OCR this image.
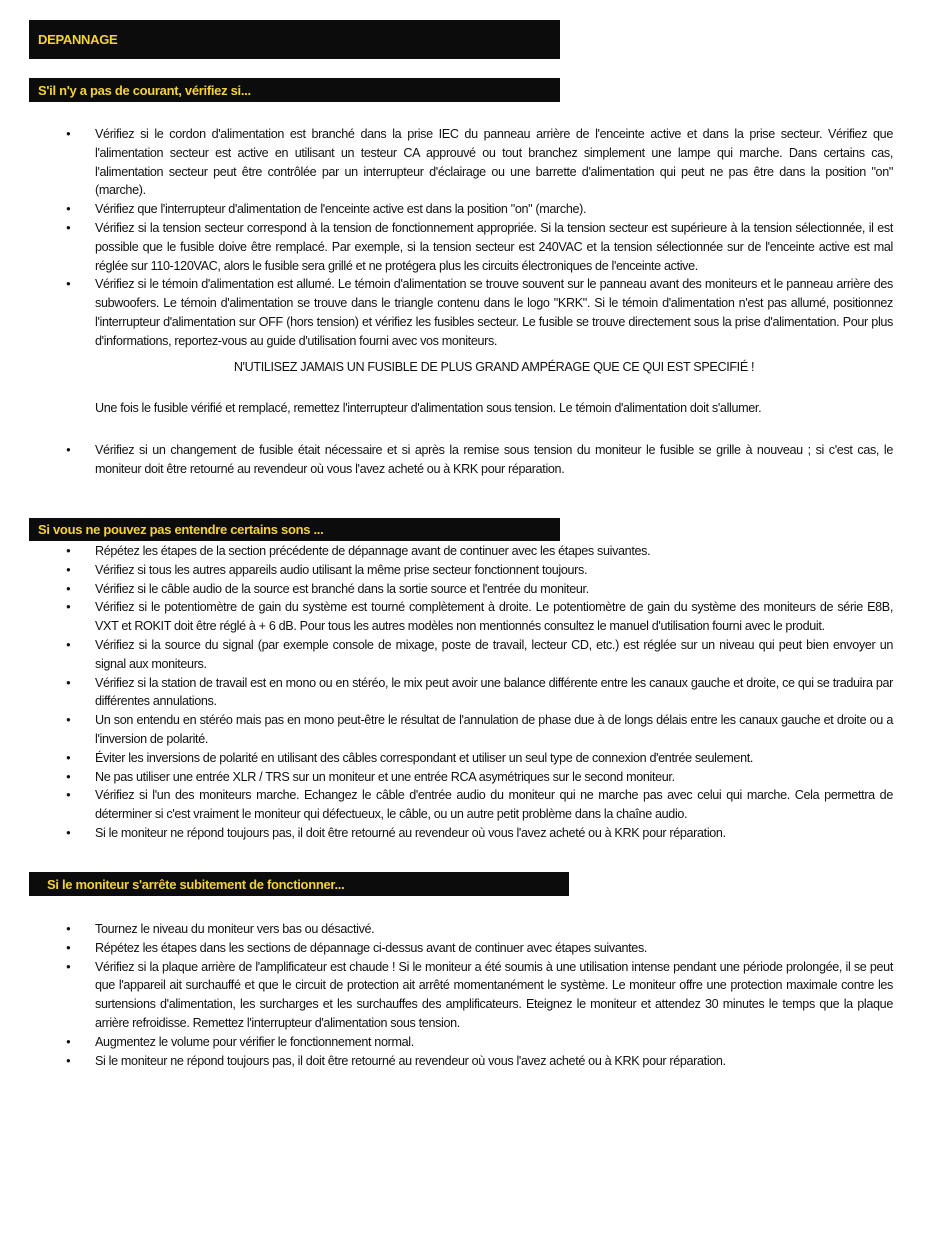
DEPANNAGE
S'il n'y a pas de courant, vérifiez si...
● Vérifiez si le cordon d'alimentation est branché dans la prise IEC du panneau arrière de l'enceinte active et dans la prise secteur. Vérifiez que l'alimentation secteur est active en utilisant un testeur CA approuvé ou tout branchez simplement une lampe qui marche. Dans certains cas, l'alimentation secteur peut être contrôlée par un interrupteur d'éclairage ou une barrette d'alimentation qui peut ne pas être dans la position "on" (marche).
● Vérifiez que l'interrupteur d'alimentation de l'enceinte active est dans la position "on" (marche).
● Vérifiez si la tension secteur correspond à la tension de fonctionnement appropriée. Si la tension secteur est supérieure à la tension sélectionnée, il est possible que le fusible doive être remplacé. Par exemple, si la tension secteur est 240VAC et la tension sélectionnée sur de l'enceinte active est mal réglée sur 110-120VAC, alors le fusible sera grillé et ne protégera plus les circuits électroniques de l'enceinte active.
● Vérifiez si le témoin d'alimentation est allumé. Le témoin d'alimentation se trouve souvent sur le panneau avant des moniteurs et le panneau arrière des subwoofers. Le témoin d'alimentation se trouve dans le triangle contenu dans le logo "KRK". Si le témoin d'alimentation n'est pas allumé, positionnez l'interrupteur d'alimentation sur OFF (hors tension) et vérifiez les fusibles secteur. Le fusible se trouve directement sous la prise d'alimentation. Pour plus d'informations, reportez-vous au guide d'utilisation fourni avec vos moniteurs.
N'UTILISEZ JAMAIS UN FUSIBLE DE PLUS GRAND AMPÉRAGE QUE CE QUI EST SPECIFIÉ !
Une fois le fusible vérifié et remplacé, remettez l'interrupteur d'alimentation sous tension. Le témoin d'alimentation doit s'allumer.
● Vérifiez si un changement de fusible était nécessaire et si après la remise sous tension du moniteur le fusible se grille à nouveau ; si c'est cas, le moniteur doit être retourné au revendeur où vous l'avez acheté ou à KRK pour réparation.
Si vous ne pouvez pas entendre certains sons ...
● Répétez les étapes de la section précédente de dépannage avant de continuer avec les étapes suivantes.
● Vérifiez si tous les autres appareils audio utilisant la même prise secteur fonctionnent toujours.
● Vérifiez si le câble audio de la source est branché dans la sortie source et l'entrée du moniteur.
● Vérifiez si le potentiomètre de gain du système est tourné complètement à droite. Le potentiomètre de gain du système des moniteurs de série E8B, VXT et ROKIT doit être réglé à + 6 dB. Pour tous les autres modèles non mentionnés consultez le manuel d'utilisation fourni avec le produit.
● Vérifiez si la source du signal (par exemple console de mixage, poste de travail, lecteur CD, etc.) est réglée sur un niveau qui peut bien envoyer un signal aux moniteurs.
● Vérifiez si la station de travail est en mono ou en stéréo, le mix peut avoir une balance différente entre les canaux gauche et droite, ce qui se traduira par différentes annulations.
● Un son entendu en stéréo mais pas en mono peut-être le résultat de l'annulation de phase due à de longs délais entre les canaux gauche et droite ou a l'inversion de polarité.
● Éviter les inversions de polarité en utilisant des câbles correspondant et utiliser un seul type de connexion d'entrée seulement.
● Ne pas utiliser une entrée XLR / TRS sur un moniteur et une entrée RCA asymétriques sur le second moniteur.
● Vérifiez si l'un des moniteurs marche. Echangez le câble d'entrée audio du moniteur qui ne marche pas avec celui qui marche. Cela permettra de déterminer si c'est vraiment le moniteur qui défectueux, le câble, ou un autre petit problème dans la chaîne audio.
● Si le moniteur ne répond toujours pas, il doit être retourné au revendeur où vous l'avez acheté ou à KRK pour réparation.
Si le moniteur s'arrête subitement de fonctionner...
● Tournez le niveau du moniteur vers bas ou désactivé.
● Répétez les étapes dans les sections de dépannage ci-dessus avant de continuer avec étapes suivantes.
● Vérifiez si la plaque arrière de l'amplificateur est chaude ! Si le moniteur a été soumis à une utilisation intense pendant une période prolongée, il se peut que l'appareil ait surchauffé et que le circuit de protection ait arrêté momentanément le système. Le moniteur offre une protection maximale contre les surtensions d'alimentation, les surcharges et les surchauffes des amplificateurs. Eteignez le moniteur et attendez 30 minutes le temps que la plaque arrière refroidisse. Remettez l'interrupteur d'alimentation sous tension.
● Augmentez le volume pour vérifier le fonctionnement normal.
● Si le moniteur ne répond toujours pas, il doit être retourné au revendeur où vous l'avez acheté ou à KRK pour réparation.
